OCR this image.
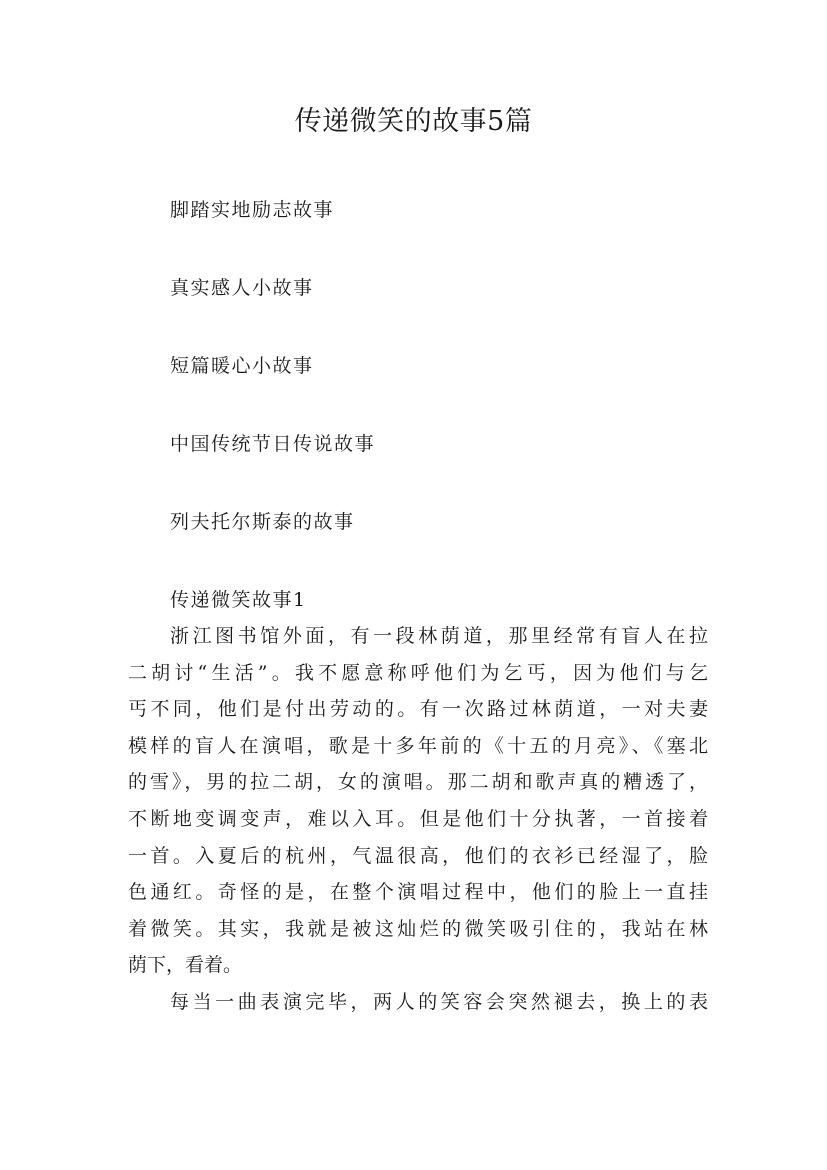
传递微笑的故事5篇
脚踏实地励志故事
真实感人小故事
短篇暖心小故事
中国传统节日传说故事
列夫托尔斯泰的故事
传递微笑故事1

浙江图书馆外面，有一段林荫道，那里经常有盲人在拉

二胡讨“生活”。我不愿意称呼他们为乞丐，因为他们与乞

丐不同，他们是付出劳动的。有一次路过林荫道，一对夫妻

模样的盲人在演唱，歌是十多年前的《十五的月亮》、《塞北

的雪》，男的拉二胡，女的演唱。那二胡和歌声真的糟透了，

不断地变调变声，难以入耳。但是他们十分执著，一首接着

一首。入夏后的杭州，气温很高，他们的衣衫已经湿了，脸

色通红。奇怪的是，在整个演唱过程中，他们的脸上一直挂

着微笑。其实，我就是被这灿烂的微笑吸引住的，我站在林

荫下，看着。

每当一曲表演完毕，两人的笑容会突然褪去，换上的表
